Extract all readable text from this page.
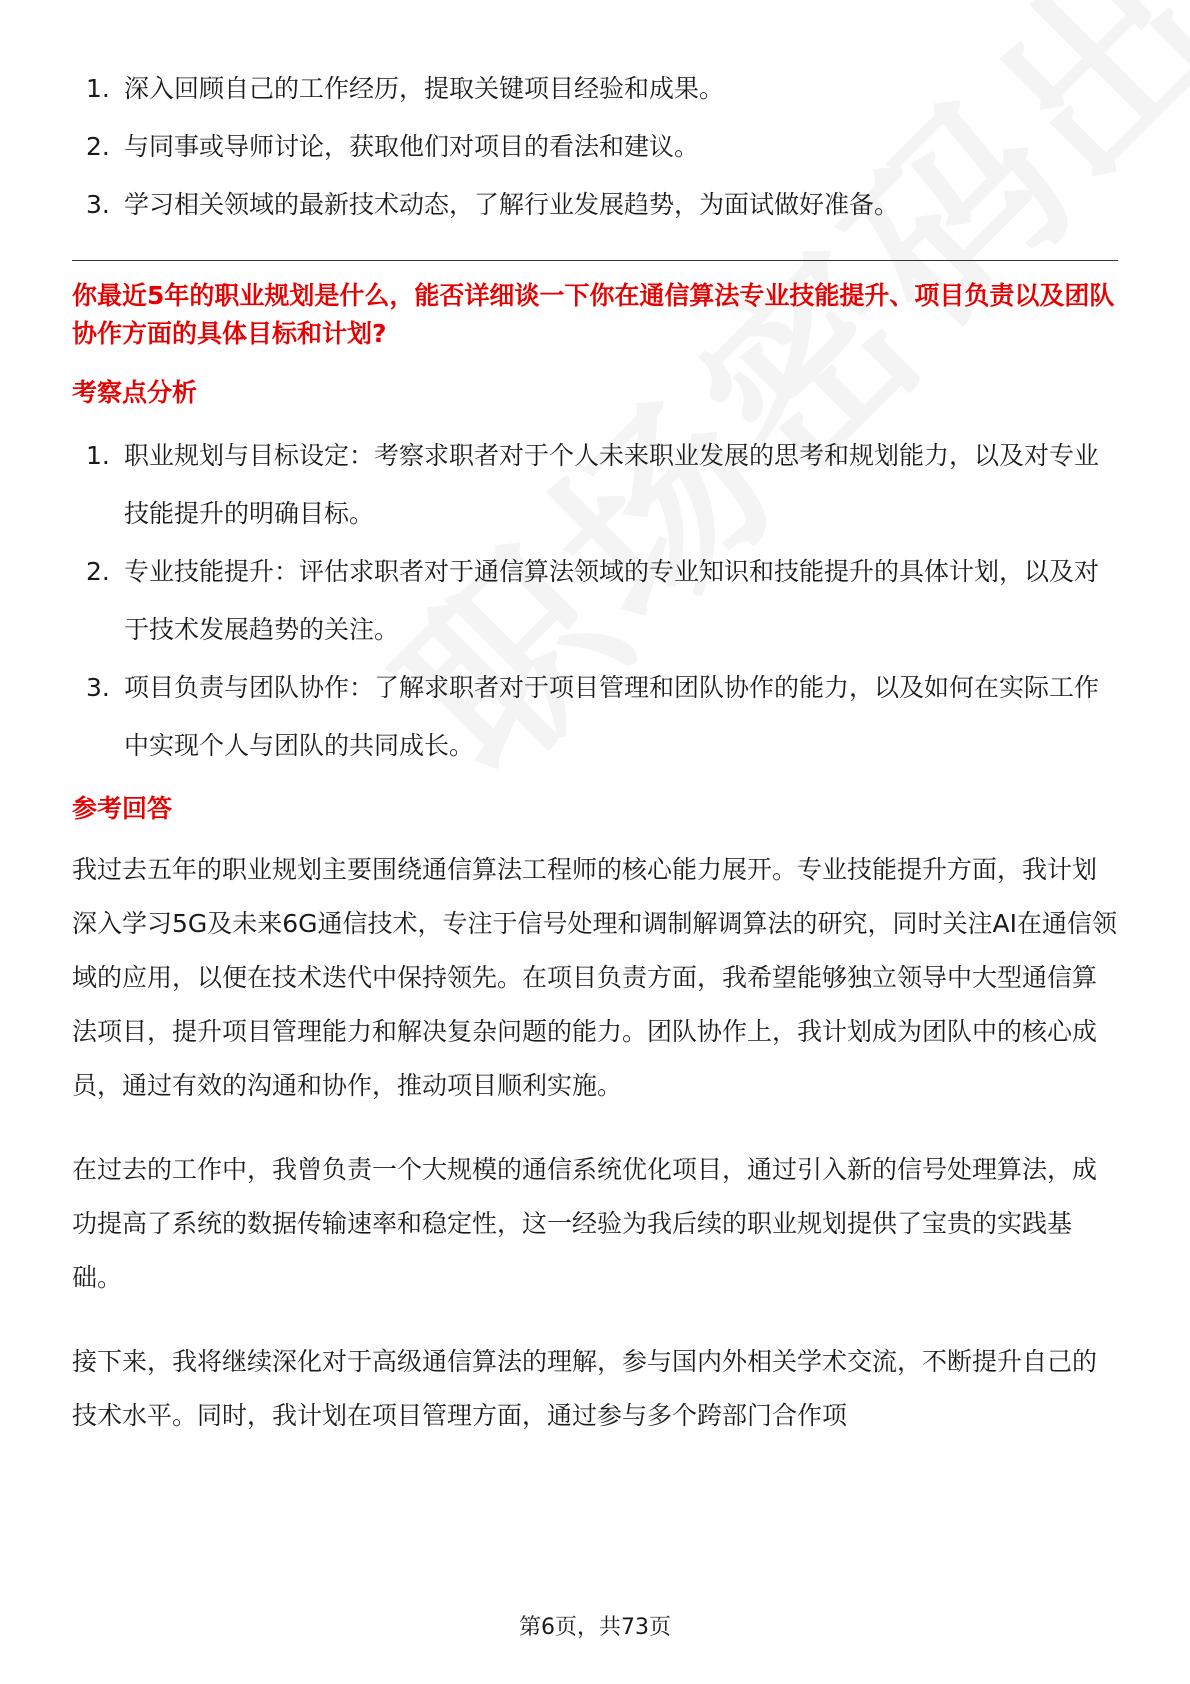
1. 深入回顾自己的工作经历，提取关键项目经验和成果。
2. 与同事或导师讨论，获取他们对项目的看法和建议。
3. 学习相关领域的最新技术动态，了解行业发展趋势，为面试做好准备。

你最近5年的职业规划是什么，能否详细谈一下你在通信算法专业技能提升、项目负责以及团队协作方面的具体目标和计划?

考察点分析
1. 职业规划与目标设定：考察求职者对于个人未来职业发展的思考和规划能力，以及对专业技能提升的明确目标。
2. 专业技能提升：评估求职者对于通信算法领域的专业知识和技能提升的具体计划，以及对于技术发展趋势的关注。
3. 项目负责与团队协作：了解求职者对于项目管理和团队协作的能力，以及如何在实际工作中实现个人与团队的共同成长。
参考回答

我过去五年的职业规划主要围绕通信算法工程师的核心能力展开。专业技能提升方面，我计划深入学习5G及未来6G通信技术，专注于信号处理和调制解调算法的研究，同时关注AI在通信领域的应用，以便在技术迭代中保持领先。在项目负责方面，我希望能够独立领导中大型通信算法项目，提升项目管理能力和解决复杂问题的能力。团队协作上，我计划成为团队中的核心成员，通过有效的沟通和协作，推动项目顺利实施。

在过去的工作中，我曾负责一个大规模的通信系统优化项目，通过引入新的信号处理算法，成功提高了系统的数据传输速率和稳定性，这一经验为我后续的职业规划提供了宝贵的实践基础。

接下来，我将继续深化对于高级通信算法的理解，参与国内外相关学术交流，不断提升自己的技术水平。同时，我计划在项目管理方面，通过参与多个跨部门合作项

第6页，共73页
